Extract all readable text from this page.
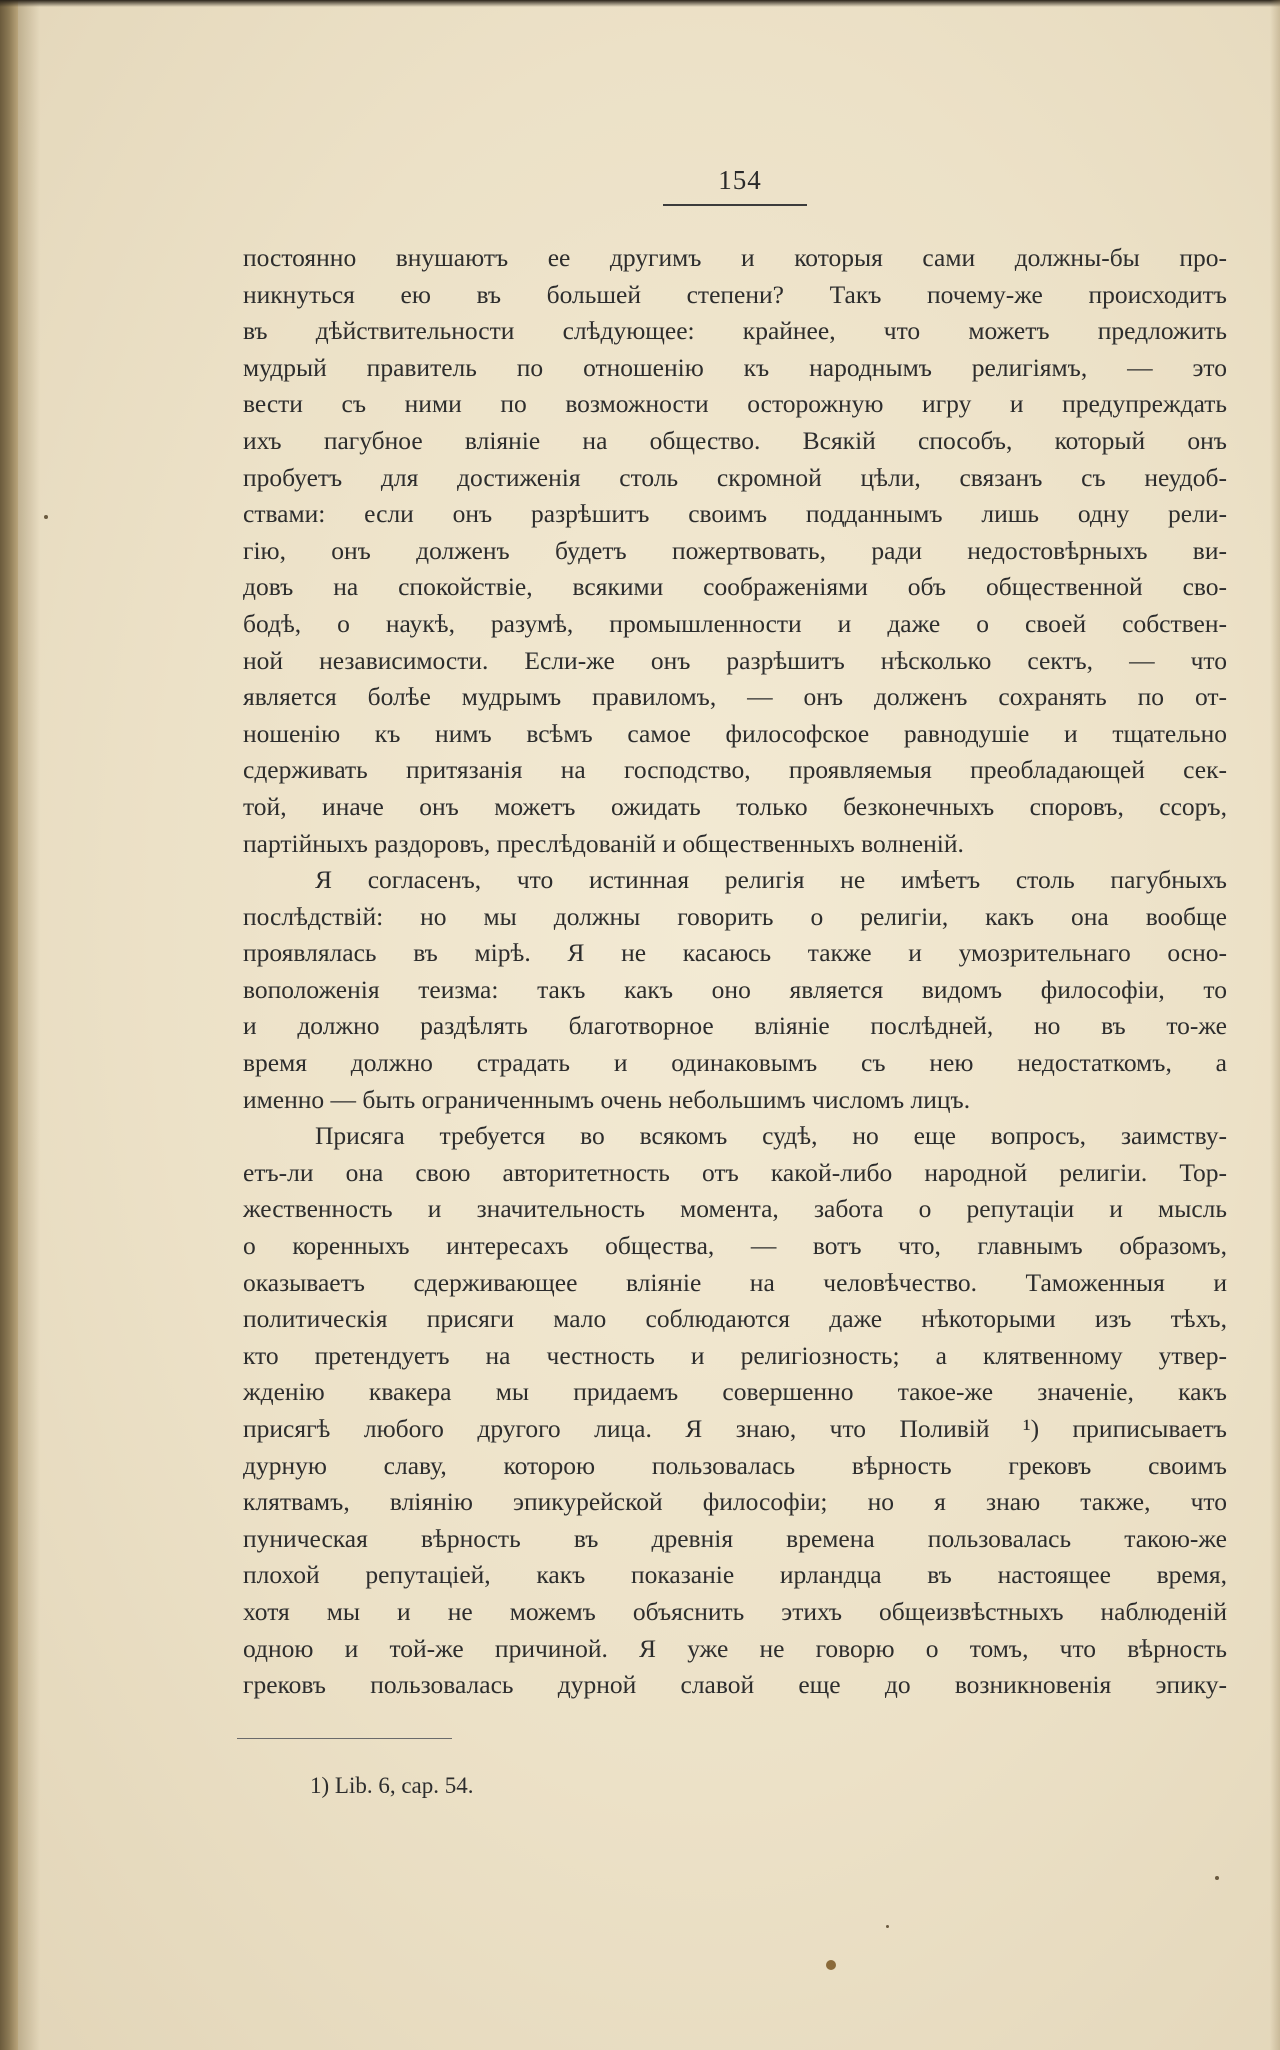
154
постоянно внушаютъ ее другимъ и которыя сами должны-бы про-
никнуться ею въ большей степени? Такъ почему-же происходитъ
въ дѣйствительности слѣдующее: крайнее, что можетъ предложить
мудрый правитель по отношенію къ народнымъ религіямъ, — это
вести съ ними по возможности осторожную игру и предупреждать
ихъ пагубное вліяніе на общество. Всякій способъ, который онъ
пробуетъ для достиженія столь скромной цѣли, связанъ съ неудоб-
ствами: если онъ разрѣшитъ своимъ подданнымъ лишь одну рели-
гію, онъ долженъ будетъ пожертвовать, ради недостовѣрныхъ ви-
довъ на спокойствіе, всякими соображеніями объ общественной сво-
бодѣ, о наукѣ, разумѣ, промышленности и даже о своей собствен-
ной независимости. Если-же онъ разрѣшитъ нѣсколько сектъ, — что
является болѣе мудрымъ правиломъ, — онъ долженъ сохранять по от-
ношенію къ нимъ всѣмъ самое философское равнодушіе и тщательно
сдерживать притязанія на господство, проявляемыя преобладающей сек-
той, иначе онъ можетъ ожидать только безконечныхъ споровъ, ссоръ,
партійныхъ раздоровъ, преслѣдованій и общественныхъ волненій.
Я согласенъ, что истинная религія не имѣетъ столь пагубныхъ
послѣдствій: но мы должны говорить о религіи, какъ она вообще
проявлялась въ мірѣ. Я не касаюсь также и умозрительнаго осно-
воположенія теизма: такъ какъ оно является видомъ философіи, то
и должно раздѣлять благотворное вліяніе послѣдней, но въ то-же
время должно страдать и одинаковымъ съ нею недостаткомъ, а
именно — быть ограниченнымъ очень небольшимъ числомъ лицъ.
Присяга требуется во всякомъ судѣ, но еще вопросъ, заимству-
етъ-ли она свою авторитетность отъ какой-либо народной религіи. Тор-
жественность и значительность момента, забота о репутаціи и мысль
о коренныхъ интересахъ общества, — вотъ что, главнымъ образомъ,
оказываетъ сдерживающее вліяніе на человѣчество. Таможенныя и
политическія присяги мало соблюдаются даже нѣкоторыми изъ тѣхъ,
кто претендуетъ на честность и религіозность; а клятвенному утвер-
жденію квакера мы придаемъ совершенно такое-же значеніе, какъ
присягѣ любого другого лица. Я знаю, что Поливій ¹) приписываетъ
дурную славу, которою пользовалась вѣрность грековъ своимъ
клятвамъ, вліянію эпикурейской философіи; но я знаю также, что
пуническая вѣрность въ древнія времена пользовалась такою-же
плохой репутаціей, какъ показаніе ирландца въ настоящее время,
хотя мы и не можемъ объяснить этихъ общеизвѣстныхъ наблюденій
одною и той-же причиной. Я уже не говорю о томъ, что вѣрность
грековъ пользовалась дурной славой еще до возникновенія эпику-
1) Lib. 6, cap. 54.
